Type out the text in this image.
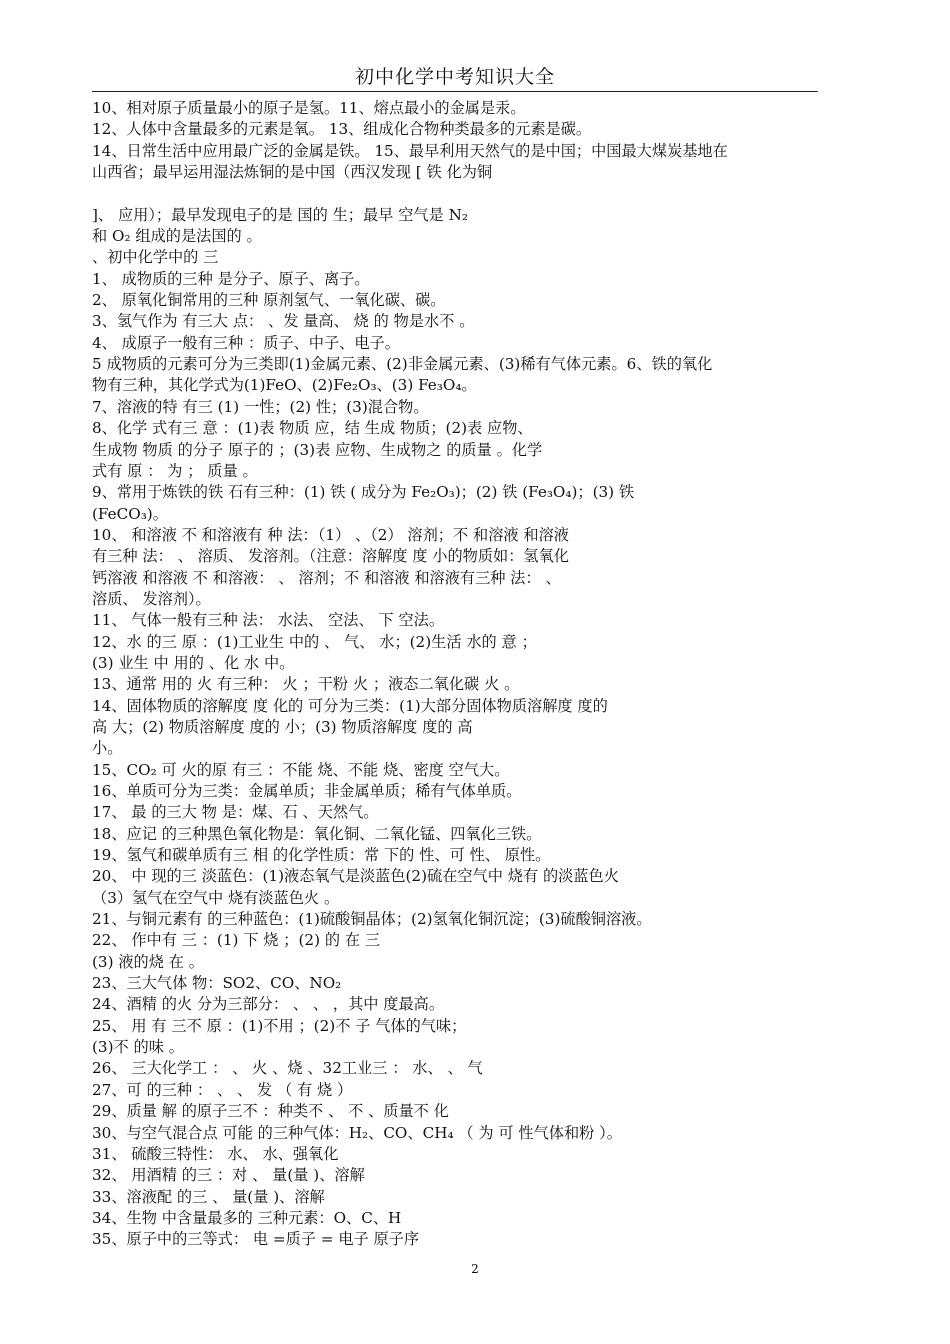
初中化学中考知识大全
10、相对原子质量最小的原子是氢。11、熔点最小的金属是汞。
12、人体中含量最多的元素是氧。 13、组成化合物种类最多的元素是碳。
14、日常生活中应用最广泛的金属是铁。 15、最早利用天然气的是中国；中国最大煤炭基地在
山西省；最早运用湿法炼铜的是中国（西汉发现 [ 铁 化为铜
]、 应用）；最早发现电子的是 国的 生；最早 空气是 N₂
和 O₂ 组成的是法国的 。
、初中化学中的 三
1、 成物质的三种 是分子、原子、离子。
2、 原氧化铜常用的三种 原剂氢气、一氧化碳、碳。
3、氢气作为 有三大 点： 、发 量高、 烧 的 物是水不 。
4、 成原子一般有三种 ：质子、中子、电子。
5 成物质的元素可分为三类即(1)金属元素、(2)非金属元素、(3)稀有气体元素。6、铁的氧化
物有三种，其化学式为(1)FeO、(2)Fe₂O₃、(3) Fe₃O₄。
7、溶液的特 有三 (1) 一性；(2) 性；(3)混合物。
8、化学 式有三 意 ：(1)表 物质 应，结 生成 物质；(2)表 应物、
生成物 物质 的分子 原子的 ；(3)表 应物、生成物之 的质量 。化学
式有 原 ： 为 ； 质量 。
9、常用于炼铁的铁 石有三种：(1) 铁 ( 成分为 Fe₂O₃)；(2) 铁 (Fe₃O₄)；(3) 铁
(FeCO₃)。
10、 和溶液 不 和溶液有 种 法：（1） 、（2） 溶剂；不 和溶液 和溶液
有三种 法： 、 溶质、 发溶剂。（注意：溶解度 度 小的物质如：氢氧化
钙溶液 和溶液 不 和溶液： 、 溶剂；不 和溶液 和溶液有三种 法： 、
溶质、 发溶剂）。
11、 气体一般有三种 法： 水法、 空法、 下 空法。
12、水 的三 原 ：(1)工业生 中的 、 气、 水；(2)生活 水的 意 ；
(3) 业生 中 用的 、化 水 中。
13、通常 用的 火 有三种： 火 ；干粉 火 ；液态二氧化碳 火 。
14、固体物质的溶解度 度 化的 可分为三类：(1)大部分固体物质溶解度 度的
高 大；(2) 物质溶解度 度的 小；(3) 物质溶解度 度的 高
小。
15、CO₂ 可 火的原 有三 ：不能 烧、不能 烧、密度 空气大。
16、单质可分为三类：金属单质；非金属单质；稀有气体单质。
17、 最 的三大 物 是：煤、石 、天然气。
18、应记 的三种黑色氧化物是：氧化铜、二氧化锰、四氧化三铁。
19、氢气和碳单质有三 相 的化学性质：常 下的 性、可 性、 原性。
20、 中 现的三 淡蓝色：(1)液态氧气是淡蓝色(2)硫在空气中 烧有 的淡蓝色火
（3）氢气在空气中 烧有淡蓝色火 。
21、与铜元素有 的三种蓝色：(1)硫酸铜晶体；(2)氢氧化铜沉淀；(3)硫酸铜溶液。
22、 作中有 三 ：(1) 下 烧 ；(2) 的 在 三
(3) 液的烧 在 。
23、三大气体 物：SO2、CO、NO₂
24、酒精 的火 分为三部分： 、 、 ，其中 度最高。
25、 用 有 三不 原 ：(1)不用 ；(2)不 子 气体的气味；
(3)不 的味 。
26、 三大化学工 ： 、 火 、烧 、32工业三 ： 水、 、 气
27、可 的三种 ： 、 、 发 （ 有 烧 ）
29、质量 解 的原子三不 ：种类不 、 不 、质量不 化
30、与空气混合点 可能 的三种气体：H₂、CO、CH₄ （ 为 可 性气体和粉 ）。
31、 硫酸三特性： 水、 水、强氧化
32、 用酒精 的三 ：对 、 量(量 )、溶解
33、溶液配 的三 、 量(量 )、溶解
34、生物 中含量最多的 三种元素：O、C、H
35、原子中的三等式： 电 =质子 = 电子 原子序
2
